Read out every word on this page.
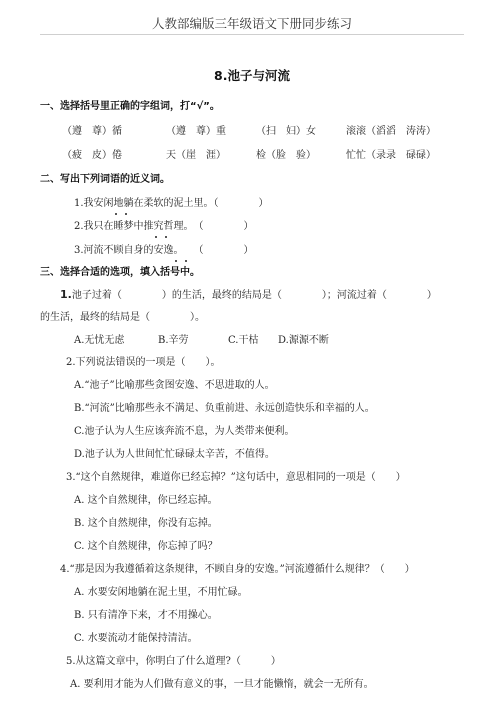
人教部编版三年级语文下册同步练习
8.池子与河流
一、选择括号里正确的字组词，打“√”。
（遵　尊）循	（遵　尊）重	（扫　妇）女	滚滚（滔滔　涛涛）
（疲　皮）倦	天（崖　涯）	检（脸　验）	忙忙（录录　碌碌）
二、写出下列词语的近义词。
1.我安闲地躺在柔软的泥土里。（　　　　）
2.我只在睡梦中推究哲理。　（　　　　）
3.河流不顾自身的安逸。　　（　　　　）
三、选择合适的选项，填入括号中。
1.池子过着（　　　　）的生活，最终的结局是（　　　　）；河流过着（　　　　）
的生活，最终的结局是（　　　　）。
A.无忧无虑	B.辛劳	C.干枯 D.源源不断
2.下列说法错误的一项是（　　）。
A.“池子”比喻那些贪图安逸、不思进取的人。
B.“河流”比喻那些永不满足、负重前进、永远创造快乐和幸福的人。
C.池子认为人生应该奔流不息，为人类带来便利。
D.池子认为人世间忙忙碌碌太辛苦，不值得。
3.“这个自然规律，难道你已经忘掉？”这句话中，意思相同的一项是（　　）
A. 这个自然规律，你已经忘掉。
B. 这个自然规律，你没有忘掉。
C. 这个自然规律，你忘掉了吗？
4.“那是因为我遵循着这条规律，不顾自身的安逸。”河流遵循什么规律？（　　）
A. 水要安闲地躺在泥土里，不用忙碌。
B. 只有清净下来，才不用操心。
C. 水要流动才能保持清洁。
5.从这篇文章中，你明白了什么道理?（　　　）
A. 要利用才能为人们做有意义的事，一旦才能懒惰，就会一无所有。
